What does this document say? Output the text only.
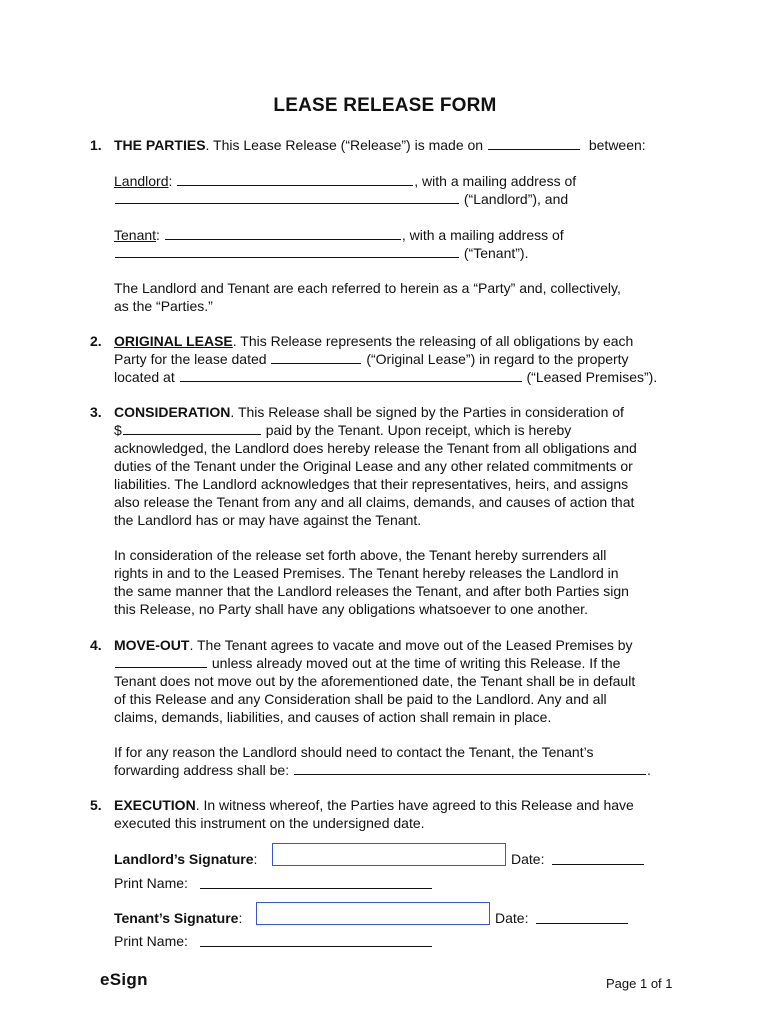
LEASE RELEASE FORM
1. THE PARTIES. This Lease Release (“Release”) is made on	between:
Landlord:	, with a mailing address of
(“Landlord”), and
Tenant:	, with a mailing address of
(“Tenant”).
The Landlord and Tenant are each referred to herein as a “Party” and, collectively,
as the “Parties.”
2. ORIGINAL LEASE. This Release represents the releasing of all obligations by each
Party for the lease dated	(“Original Lease”) in regard to the property
located at	(“Leased Premises”).
3. CONSIDERATION. This Release shall be signed by the Parties in consideration of
$	paid by the Tenant. Upon receipt, which is hereby
acknowledged, the Landlord does hereby release the Tenant from all obligations and
duties of the Tenant under the Original Lease and any other related commitments or
liabilities. The Landlord acknowledges that their representatives, heirs, and assigns
also release the Tenant from any and all claims, demands, and causes of action that
the Landlord has or may have against the Tenant.
In consideration of the release set forth above, the Tenant hereby surrenders all
rights in and to the Leased Premises. The Tenant hereby releases the Landlord in
the same manner that the Landlord releases the Tenant, and after both Parties sign
this Release, no Party shall have any obligations whatsoever to one another.
4. MOVE-OUT. The Tenant agrees to vacate and move out of the Leased Premises by
unless already moved out at the time of writing this Release. If the
Tenant does not move out by the aforementioned date, the Tenant shall be in default
of this Release and any Consideration shall be paid to the Landlord. Any and all
claims, demands, liabilities, and causes of action shall remain in place.
If for any reason the Landlord should need to contact the Tenant, the Tenant’s
forwarding address shall be:	.
5. EXECUTION. In witness whereof, the Parties have agreed to this Release and have
executed this instrument on the undersigned date.
Landlord’s Signature:	Date:
Print Name:
Tenant’s Signature:	Date:
Print Name:
eSign	Page 1 of 1
